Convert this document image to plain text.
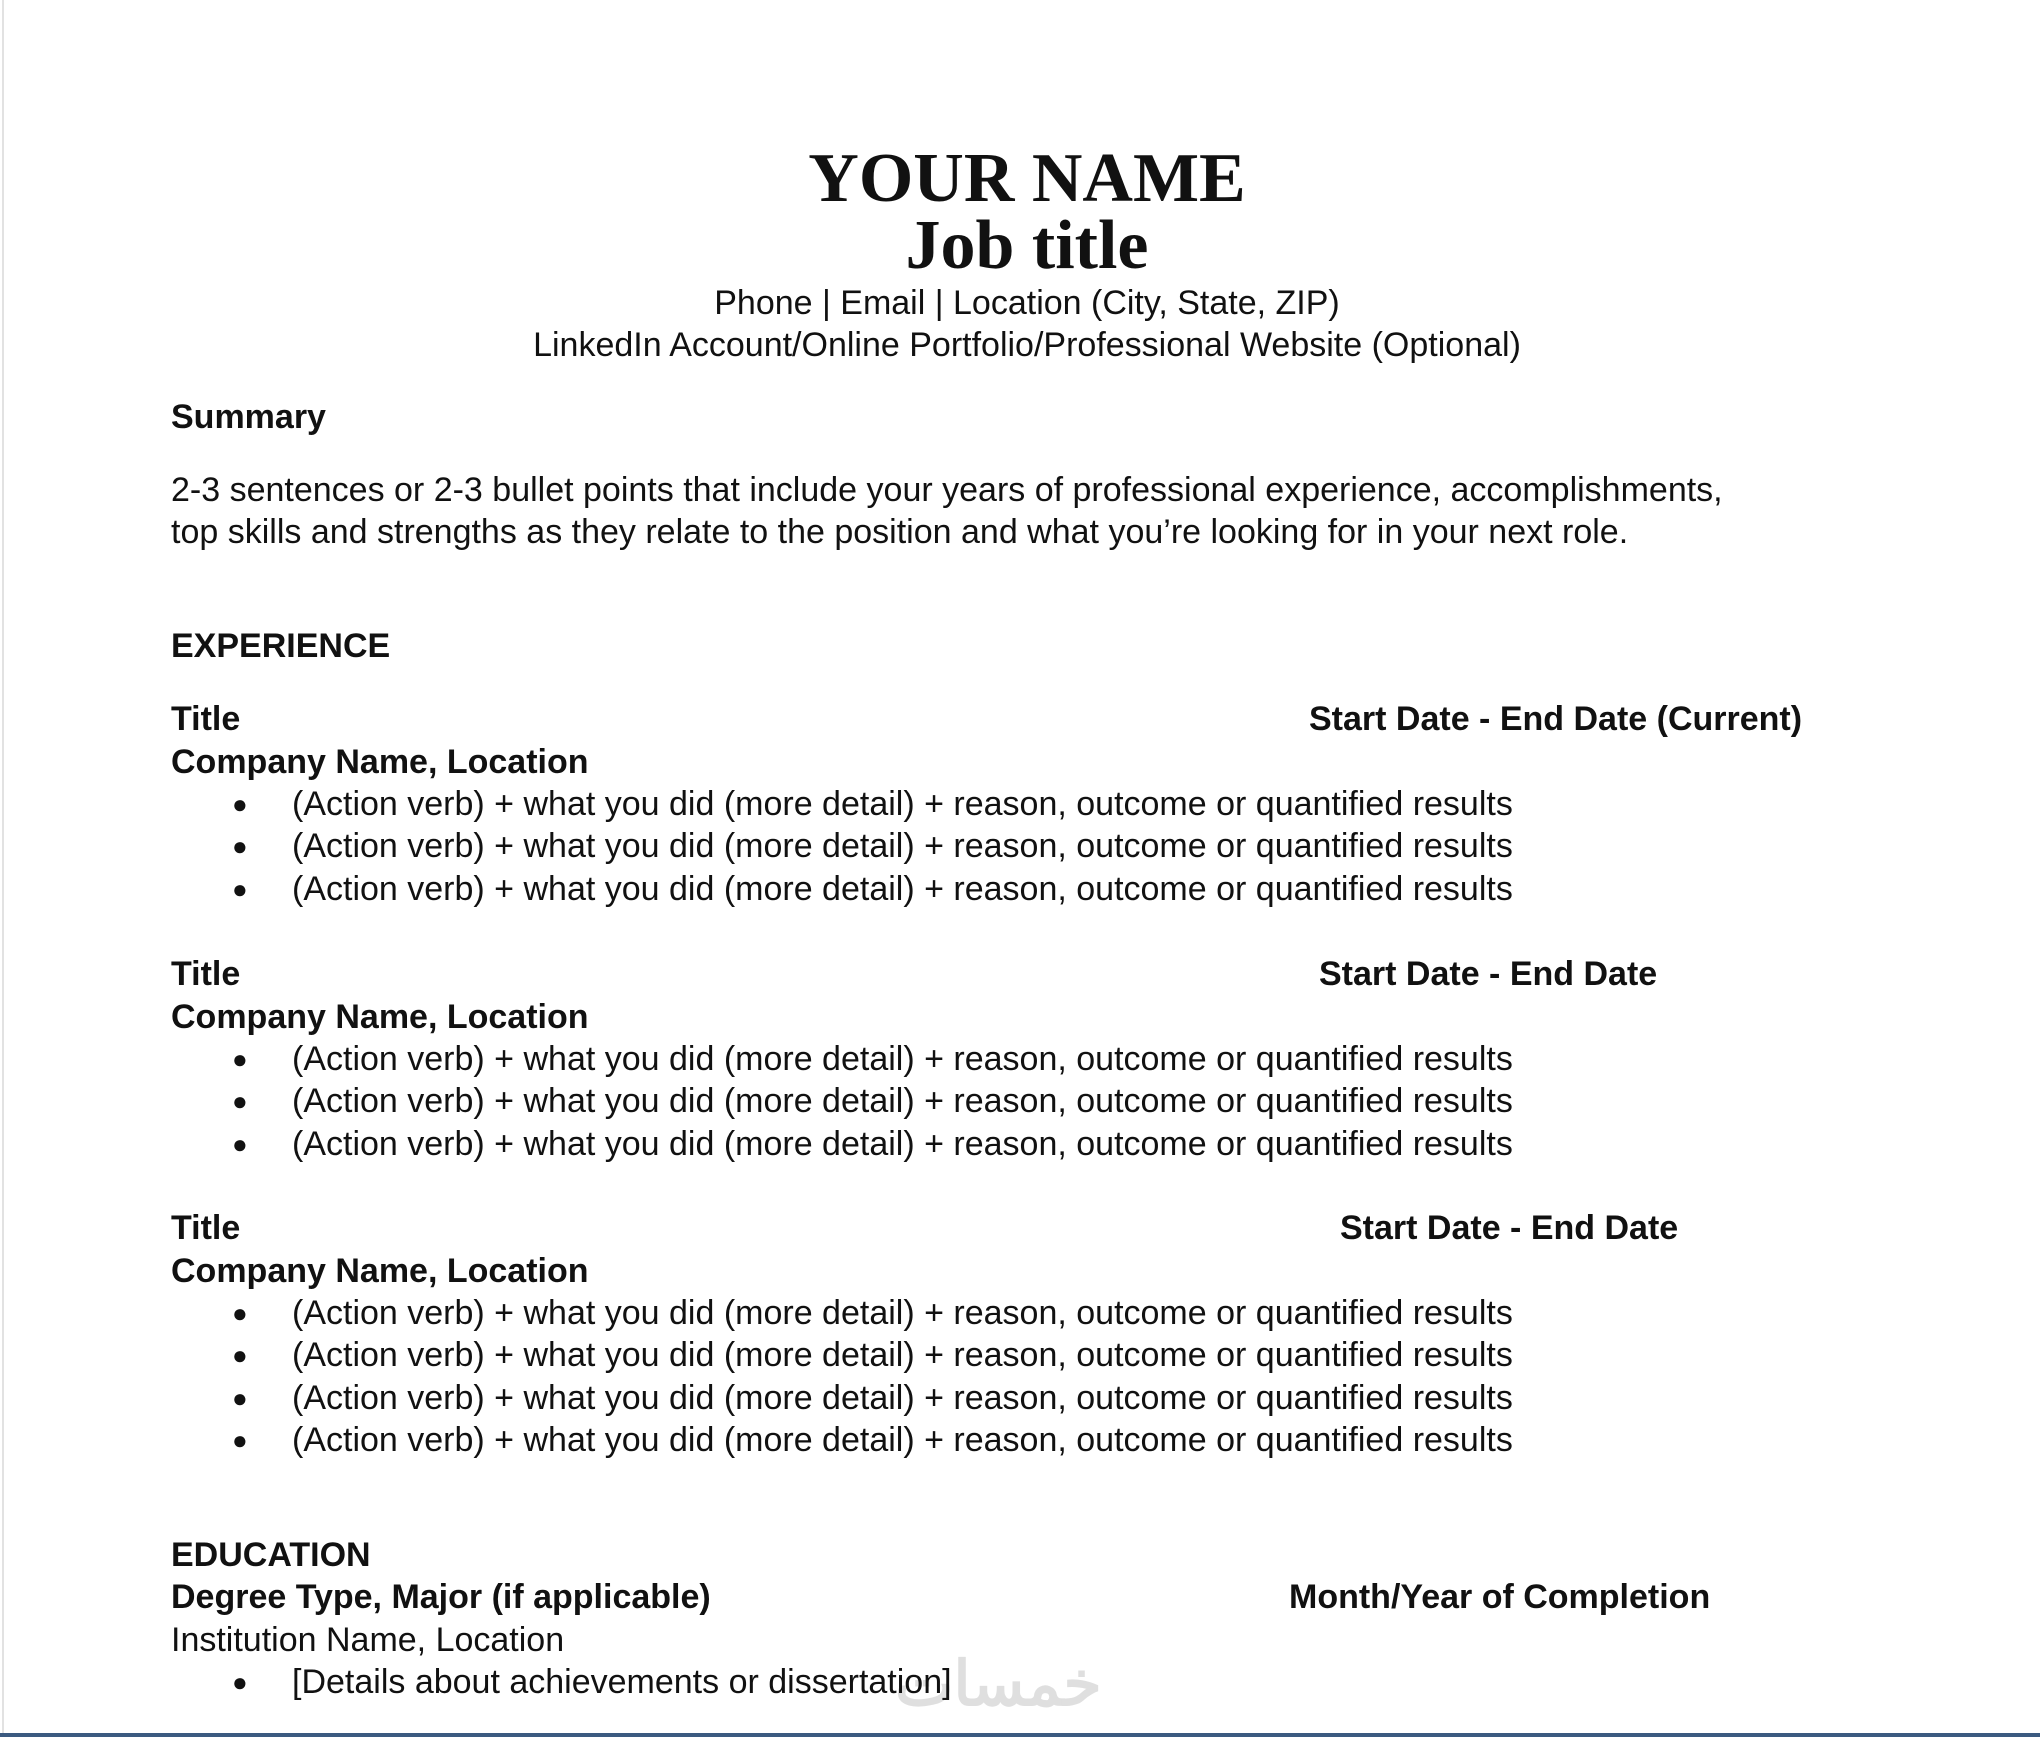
YOUR NAME
Job title
Phone | Email | Location (City, State, ZIP)
LinkedIn Account/Online Portfolio/Professional Website (Optional)
Summary
2-3 sentences or 2-3 bullet points that include your years of professional experience, accomplishments,
top skills and strengths as they relate to the position and what you’re looking for in your next role.
EXPERIENCE
Title	Start Date - End Date (Current)
Company Name, Location
● (Action verb) + what you did (more detail) + reason, outcome or quantified results
● (Action verb) + what you did (more detail) + reason, outcome or quantified results
● (Action verb) + what you did (more detail) + reason, outcome or quantified results
Title	Start Date - End Date
Company Name, Location
● (Action verb) + what you did (more detail) + reason, outcome or quantified results
● (Action verb) + what you did (more detail) + reason, outcome or quantified results
● (Action verb) + what you did (more detail) + reason, outcome or quantified results
Title	Start Date - End Date
Company Name, Location
● (Action verb) + what you did (more detail) + reason, outcome or quantified results
● (Action verb) + what you did (more detail) + reason, outcome or quantified results
● (Action verb) + what you did (more detail) + reason, outcome or quantified results
● (Action verb) + what you did (more detail) + reason, outcome or quantified results
EDUCATION
Degree Type, Major (if applicable)	Month/Year of Completion
Institution Name, Location
خمسات
● [Details about achievements or dissertation]
